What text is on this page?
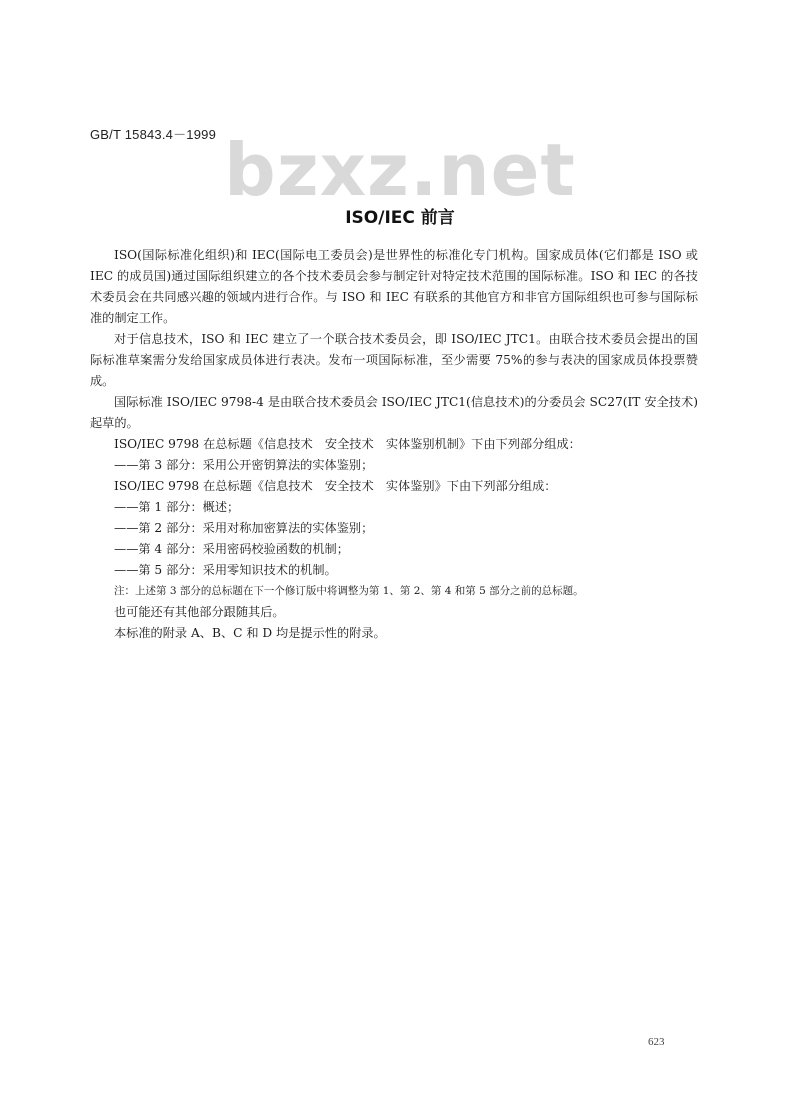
GB/T 15843.4－1999 bzxz.net
ISO/IEC 前言

ISO(国际标准化组织)和 IEC(国际电工委员会)是世界性的标准化专门机构。国家成员体(它们都是 ISO 或 IEC 的成员国)通过国际组织建立的各个技术委员会参与制定针对特定技术范围的国际标准。ISO 和 IEC 的各技术委员会在共同感兴趣的领域内进行合作。与 ISO 和 IEC 有联系的其他官方和非官方国际组织也可参与国际标准的制定工作。

对于信息技术，ISO 和 IEC 建立了一个联合技术委员会，即 ISO/IEC JTC1。由联合技术委员会提出的国际标准草案需分发给国家成员体进行表决。发布一项国际标准，至少需要 75%的参与表决的国家成员体投票赞成。

国际标准 ISO/IEC 9798-4 是由联合技术委员会 ISO/IEC JTC1(信息技术)的分委员会 SC27(IT 安全技术)起草的。

ISO/IEC 9798 在总标题《信息技术　安全技术　实体鉴别机制》下由下列部分组成：

——第 3 部分：采用公开密钥算法的实体鉴别；

ISO/IEC 9798 在总标题《信息技术　安全技术　实体鉴别》下由下列部分组成：

——第 1 部分：概述；

——第 2 部分：采用对称加密算法的实体鉴别；

——第 4 部分：采用密码校验函数的机制；

——第 5 部分：采用零知识技术的机制。

注：上述第 3 部分的总标题在下一个修订版中将调整为第 1、第 2、第 4 和第 5 部分之前的总标题。

也可能还有其他部分跟随其后。

本标准的附录 A、B、C 和 D 均是提示性的附录。

623
